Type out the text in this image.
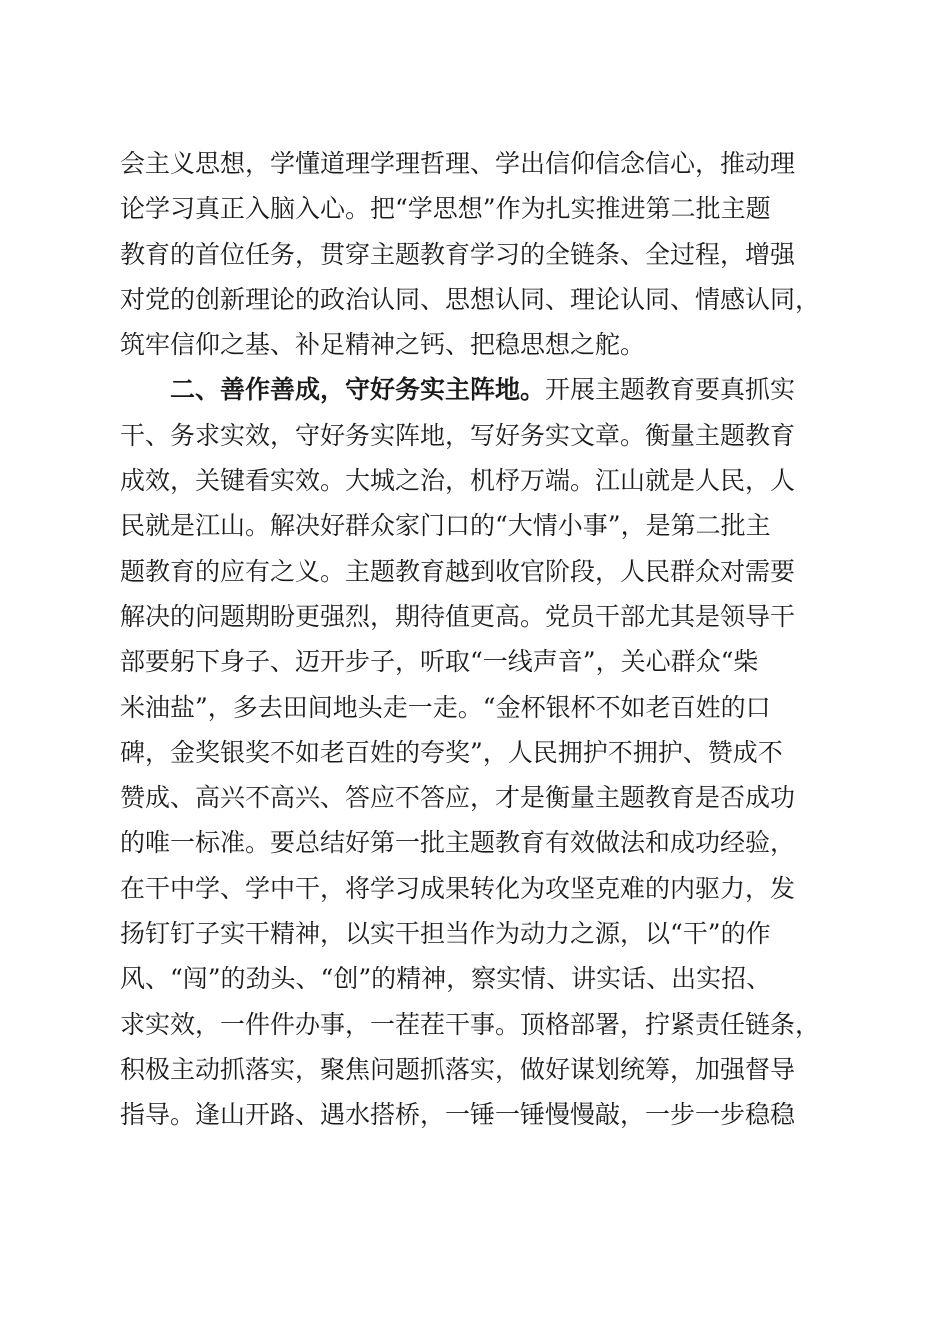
会主义思想，学懂道理学理哲理、学出信仰信念信心，推动理
论学习真正入脑入心。把“学思想”作为扎实推进第二批主题
教育的首位任务，贯穿主题教育学习的全链条、全过程，增强
对党的创新理论的政治认同、思想认同、理论认同、情感认同，
筑牢信仰之基、补足精神之钙、把稳思想之舵。
二、善作善成，守好务实主阵地。开展主题教育要真抓实
干、务求实效，守好务实阵地，写好务实文章。衡量主题教育
成效，关键看实效。大城之治，机杼万端。江山就是人民，人
民就是江山。解决好群众家门口的“大情小事”，是第二批主
题教育的应有之义。主题教育越到收官阶段，人民群众对需要
解决的问题期盼更强烈，期待值更高。党员干部尤其是领导干
部要躬下身子、迈开步子，听取“一线声音”，关心群众“柴
米油盐”，多去田间地头走一走。“金杯银杯不如老百姓的口
碑，金奖银奖不如老百姓的夸奖”，人民拥护不拥护、赞成不
赞成、高兴不高兴、答应不答应，才是衡量主题教育是否成功
的唯一标准。要总结好第一批主题教育有效做法和成功经验，
在干中学、学中干，将学习成果转化为攻坚克难的内驱力，发
扬钉钉子实干精神，以实干担当作为动力之源，以“干”的作
风、“闯”的劲头、“创”的精神，察实情、讲实话、出实招、
求实效，一件件办事，一茬茬干事。顶格部署，拧紧责任链条，
积极主动抓落实，聚焦问题抓落实，做好谋划统筹，加强督导
指导。逢山开路、遇水搭桥，一锤一锤慢慢敲，一步一步稳稳
